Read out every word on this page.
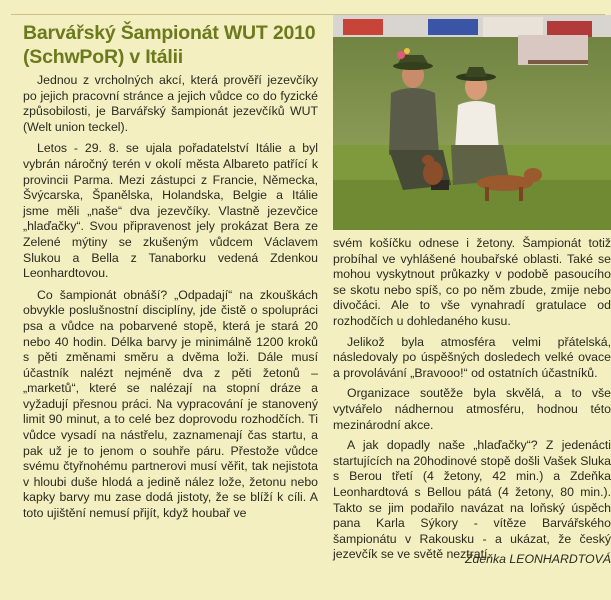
Barvářský Šampionát WUT 2010
(SchwPoR) v Itálii

Jednou z vrcholných akcí, která prověří jezevčíky po jejich pracovní stránce a jejich vůdce co do fyzické způsobilosti, je Barvářský šampionát jezevčíků WUT (Welt union teckel).

Letos - 29. 8. se ujala pořadatelství Itálie a byl vybrán náročný terén v okolí města Albareto patřící k provincii Parma. Mezi zástupci z Francie, Německa, Švýcarska, Španělska, Holandska, Belgie a Itálie jsme měli „naše“ dva jezevčíky. Vlastně jezevčice „hlaďačky“. Svou připravenost jely prokázat Bera ze Zelené mýtiny se zkušeným vůdcem Václavem Slukou a Bella z Tanaborku vedená Zdenkou Leonhardtovou.

Co šampionát obnáší? „Odpadají“ na zkouškách obvykle poslušnostní disciplíny, jde čistě o spolupráci psa a vůdce na pobarvené stopě, která je stará 20 nebo 40 hodin. Délka barvy je minimálně 1200 kroků s pěti změnami směru a dvěma loži. Dále musí účastník nalézt nejméně dva z pěti žetonů – „marketů“, které se nalézají na stopní dráze a vyžadují přesnou práci. Na vypracování je stanovený limit 90 minut, a to celé bez doprovodu rozhodčích. Ti vůdce vysadí na nástřelu, zaznamenají čas startu, a pak už je to jenom o souhře páru. Přestože vůdce svému čtyřnohému partnerovi musí věřit, tak nejistota v hloubi duše hlodá a jedině nález lože, žetonu nebo kapky barvy mu zase dodá jistoty, že se blíží k cíli. A toto ujištění nemusí přijít, když houbař ve

svém košíčku odnese i žetony. Šampionát totiž probíhal ve vyhlášené houbařské oblasti. Také se mohou vyskytnout průkazky v podobě pasoucího se skotu nebo spíš, co po něm zbude, zmije nebo divočáci. Ale to vše vynahradí gratulace od rozhodčích u dohledaného kusu.

Jelikož byla atmosféra velmi přátelská, následovaly po úspěšných dosledech velké ovace a provolávání „Bravooo!“ od ostatních účastníků.

Organizace soutěže byla skvělá, a to vše vytvářelo nádhernou atmosféru, hodnou této mezinárodní akce.

A jak dopadly naše „hlaďačky“? Z jedenácti startujících na 20hodinové stopě došli Vašek Sluka s Berou třetí (4 žetony, 42 min.) a Zdeňka Leonhardtová s Bellou pátá (4 žetony, 80 min.). Takto se jim podařilo navázat na loňský úspěch pana Karla Sýkory - vítěze Barvářského šampionátu v Rakousku - a ukázat, že český jezevčík se ve světě neztratí.

Zdeňka LEONHARDTOVÁ
